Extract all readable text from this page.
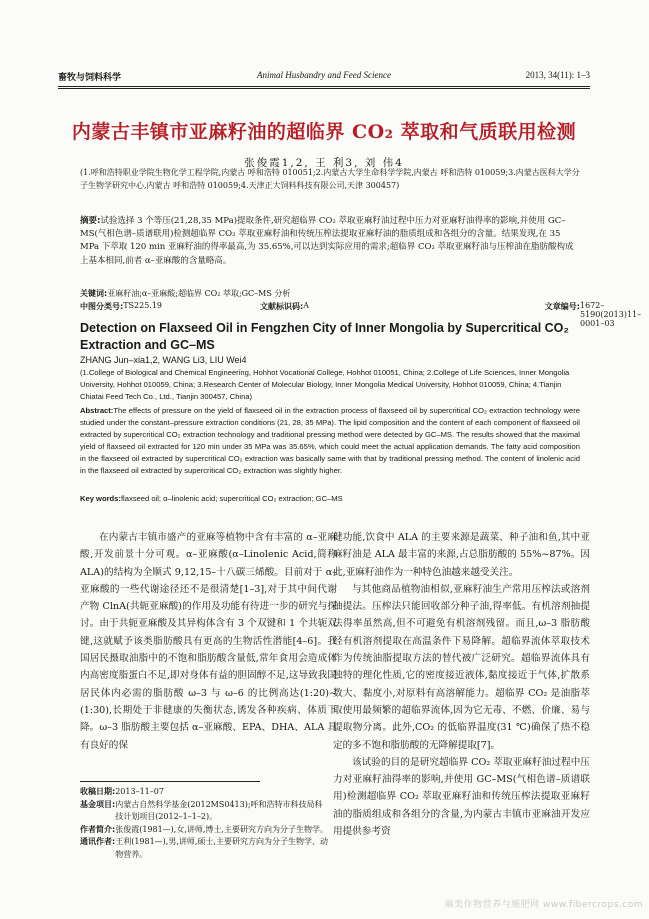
畜牧与饲料科学	Animal Husbandry and Feed Science	2013, 34(11): 1–3
内蒙古丰镇市亚麻籽油的超临界 CO₂ 萃取和气质联用检测
张俊霞1,2, 王 利3, 刘 伟4
(1.呼和浩特职业学院生物化学工程学院,内蒙古 呼和浩特 010051;2.内蒙古大学生命科学学院,内蒙古 呼和浩特 010059;3.内蒙古医科大学分子生物学研究中心,内蒙古 呼和浩特 010059;4.天津正大饲料科技有限公司,天津 300457)
摘要:试验选择 3 个等压(21,28,35 MPa)提取条件,研究超临界 CO₂ 萃取亚麻籽油过程中压力对亚麻籽油得率的影响,并使用 GC–MS(气相色谱–质谱联用)检测超临界 CO₂ 萃取亚麻籽油和传统压榨法提取亚麻籽油的脂质组成和各组分的含量。结果发现,在 35 MPa 下萃取 120 min 亚麻籽油的得率最高,为 35.65%,可以达到实际应用的需求;超临界 CO₂ 萃取亚麻籽油与压榨油在脂肪酸构成上基本相同,前者 α–亚麻酸的含量略高。
关键词:亚麻籽油;α–亚麻酸;超临界 CO₂ 萃取;GC–MS 分析
中图分类号: TS225.19	文献标识码: A	文章编号: 1672–5190(2013)11–0001–03
Detection on Flaxseed Oil in Fengzhen City of Inner Mongolia by Supercritical CO₂ Extraction and GC–MS
ZHANG Jun–xia1,2, WANG Li3, LIU Wei4
(1.College of Biological and Chemical Engineering, Hohhot Vocational College, Hohhot 010051, China; 2.College of Life Sciences, Inner Mongolia University, Hohhot 010059, China; 3.Research Center of Molecular Biology, Inner Mongolia Medical University, Hohhot 010059, China; 4.Tianjin Chiatai Feed Tech Co., Ltd., Tianjin 300457, China)
Abstract:The effects of pressure on the yield of flaxseed oil in the extraction process of flaxseed oil by supercritical CO₂ extraction technology were studied under the constant–pressure extraction conditions (21, 28, 35 MPa). The lipid composition and the content of each component of flaxseed oil extracted by supercritical CO₂ extraction technology and traditional pressing method were detected by GC–MS. The results showed that the maximal yield of flaxseed oil extracted for 120 min under 35 MPa was 35.65%, which could meet the actual application demands. The fatty acid composition in the flaxseed oil extracted by supercritical CO₂ extraction was basically same with that by traditional pressing method. The content of linolenic acid in the flaxseed oil extracted by supercritical CO₂ extraction was slightly higher.
Key words:flaxseed oil; α–linolenic acid; supercritical CO₂ extraction; GC–MS

在内蒙古丰镇市盛产的亚麻等植物中含有丰富的 α–亚麻酸,开发前景十分可观。α–亚麻酸(α–Linolenic Acid,简称 ALA)的结构为全顺式 9,12,15–十八碳三烯酸。目前对于 α–亚麻酸的一些代谢途径还不是很清楚[1–3],对于其中间代谢产物 ClnA(共轭亚麻酸)的作用及功能有待进一步的研究与探讨。由于共轭亚麻酸及其异构体含有 3 个双键和 1 个共轭双键,这就赋予该类脂肪酸具有更高的生物活性潜能[4–6]。我国居民摄取油脂中的不饱和脂肪酸含量低,常年食用会造成体内高密度脂蛋白不足,即对身体有益的胆固醇不足,这导致我国居民体内必需的脂肪酸 ω–3 与 ω–6 的比例高达(1:20)~(1:30),长期处于非健康的失衡状态,诱发各种疾病、体质下降。ω–3 脂肪酸主要包括 α–亚麻酸、EPA、DHA、ALA 具有良好的保

健功能,饮食中 ALA 的主要来源是蔬菜、种子油和鱼,其中亚麻籽油是 ALA 最丰富的来源,占总脂肪酸的 55%~87%。因此,亚麻籽油作为一种特色油越来越受关注。

与其他商品植物油相似,亚麻籽油生产常用压榨法或溶剂抽提法。压榨法只能回收部分种子油,得率低。有机溶剂抽提法得率虽然高,但不可避免有机溶剂残留。而且,ω–3 脂肪酸经有机溶剂提取在高温条件下易降解。超临界流体萃取技术作为传统油脂提取方法的替代被广泛研究。超临界流体具有独特的理化性质,它的密度接近液体,黏度接近于气体,扩散系数大、黏度小,对原料有高溶解能力。超临界 CO₂ 是油脂萃取使用最频繁的超临界流体,因为它无毒、不燃、价廉、易与提取物分离。此外,CO₂ 的低临界温度(31 ℃)确保了热不稳定的多不饱和脂肪酸的无降解提取[7]。

该试验的目的是研究超临界 CO₂ 萃取亚麻籽油过程中压力对亚麻籽油得率的影响,并使用 GC–MS(气相色谱–质谱联用)检测超临界 CO₂ 萃取亚麻籽油和传统压榨法提取亚麻籽油的脂质组成和各组分的含量,为内蒙古丰镇市亚麻油开发应用提供参考资

收稿日期: 2013–11–07
基金项目: 内蒙古自然科学基金(2012MS0413);呼和浩特市科技局科技计划项目(2012–1–1–2)。
作者简介: 张俊霞(1981—),女,讲师,博士,主要研究方向为分子生物学。
通讯作者: 王利(1981—),男,讲师,硕士,主要研究方向为分子生物学、动物营养。
麻类作物营养与施肥网 www.fibercrops.com
